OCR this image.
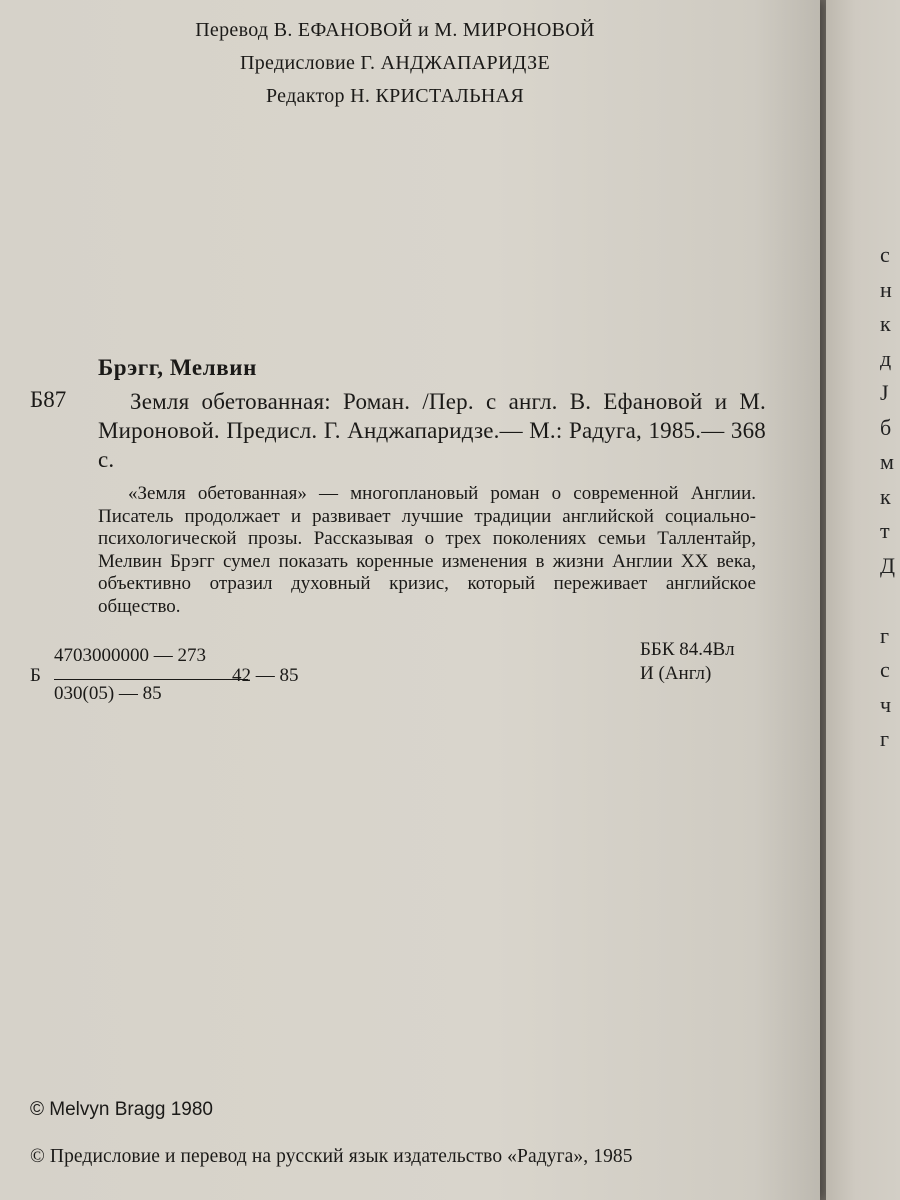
Перевод В. ЕФАНОВОЙ и М. МИРОНОВОЙ
Предисловие Г. АНДЖАПАРИДЗЕ
Редактор Н. КРИСТАЛЬНАЯ
Брэгг, Мелвин
Б87	Земля обетованная: Роман. /Пер. с англ. В. Ефановой и М. Мироновой. Предисл. Г. Анджапаридзе.— М.: Радуга, 1985.— 368 с.
«Земля обетованная» — многоплановый роман о современной Англии. Писатель продолжает и развивает лучшие традиции английской социально-психологической прозы. Рассказывая о трех поколениях семьи Таллентайр, Мелвин Брэгг сумел показать коренные изменения в жизни Англии XX века, объективно отразил духовный кризис, который переживает английское общество.
Б
4703000000 — 273
030(05) — 85
42 — 85
ББК 84.4Вл
И (Англ)
© Melvyn Bragg 1980
© Предисловие и перевод на русский язык издательство «Радуга», 1985
с
н
к
д
J
б
м
к
т
Д
г
с
ч
г
